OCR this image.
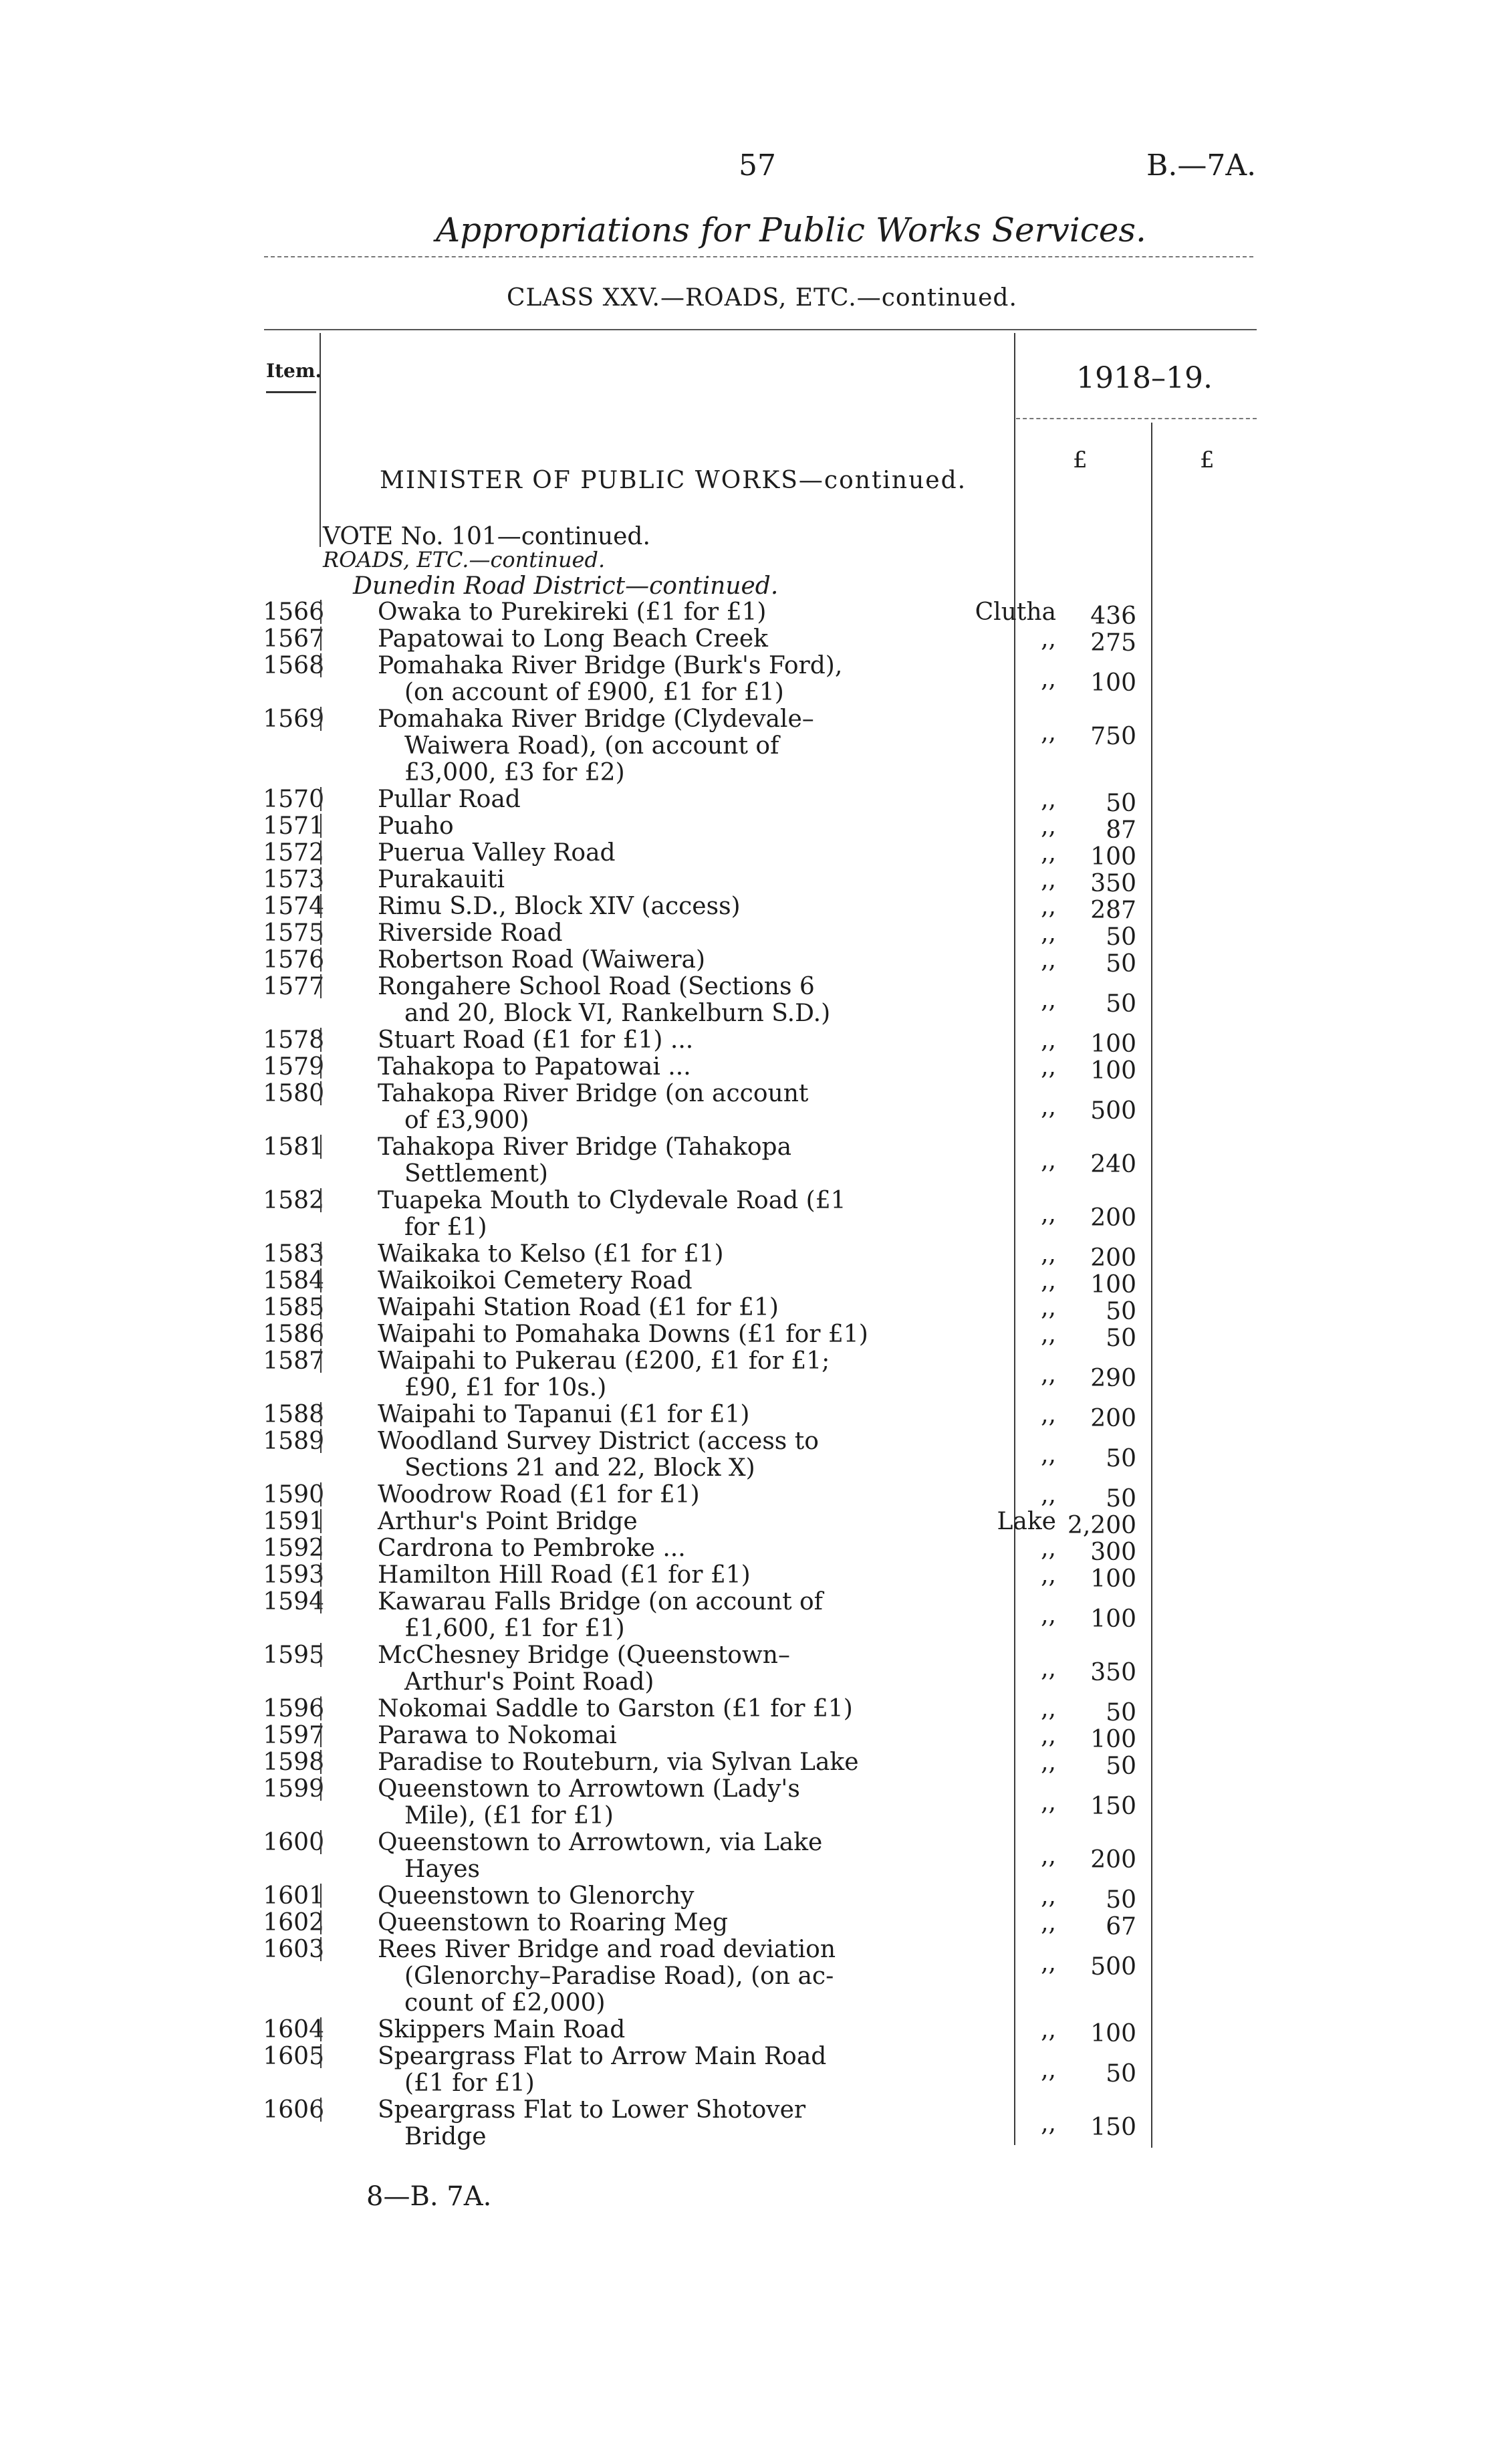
57	B.—7A.
Appropriations for Public Works Services.
CLASS XXV.—ROADS, ETC.—continued.
Item.	1918–19.
£	£
MINISTER OF PUBLIC WORKS—continued.
VOTE No. 101—continued.
ROADS, ETC.—continued.
Dunedin Road District—continued.
1566 Owaka to Purekireki (£1 for £1)	Clutha	436
1567 Papatowai to Long Beach Creek	,,	275
1568 Pomahaka River Bridge (Burk's Ford),
(on account of £900, £1 for £1)	,,	100
1569 Pomahaka River Bridge (Clydevale–
Waiwera Road), (on account of
£3,000, £3 for £2)
,,	750
1570 Pullar Road	,,	50
1571 Puaho	,,	87
1572 Puerua Valley Road	,,	100
1573 Purakauiti	,,	350
1574 Rimu S.D., Block XIV (access)	,,	287
1575 Riverside Road	,,	50
1576 Robertson Road (Waiwera)	,,	50
1577 Rongahere School Road (Sections 6
and 20, Block VI, Rankelburn S.D.)	,,	50
1578 Stuart Road (£1 for £1) ...	,,	100
1579 Tahakopa to Papatowai ...	,,	100
1580 Tahakopa River Bridge (on account
of £3,900)	,,	500
1581 Tahakopa River Bridge (Tahakopa
Settlement)	,,	240
1582 Tuapeka Mouth to Clydevale Road (£1
for £1)	,,	200
1583 Waikaka to Kelso (£1 for £1)	,,	200
1584 Waikoikoi Cemetery Road	,,	100
1585 Waipahi Station Road (£1 for £1)	,,	50
1586 Waipahi to Pomahaka Downs (£1 for £1)	,,	50
1587 Waipahi to Pukerau (£200, £1 for £1;
£90, £1 for 10s.)	,,	290
1588 Waipahi to Tapanui (£1 for £1)	,,	200
1589 Woodland Survey District (access to
Sections 21 and 22, Block X)	,,	50
1590 Woodrow Road (£1 for £1)	,,	50
1591 Arthur's Point Bridge	Lake 2,200
1592 Cardrona to Pembroke ...	,,	300
1593 Hamilton Hill Road (£1 for £1)	,,	100
1594 Kawarau Falls Bridge (on account of
£1,600, £1 for £1)	,,	100
1595 McChesney Bridge (Queenstown–
Arthur's Point Road)	,,	350
1596 Nokomai Saddle to Garston (£1 for £1)	,,	50
1597 Parawa to Nokomai	,,	100
1598 Paradise to Routeburn, via Sylvan Lake	,,	50
1599 Queenstown to Arrowtown (Lady's
Mile), (£1 for £1)	,,	150
1600 Queenstown to Arrowtown, via Lake
Hayes	,,	200
1601 Queenstown to Glenorchy	,,	50
1602 Queenstown to Roaring Meg	,,	67
1603 Rees River Bridge and road deviation
(Glenorchy–Paradise Road), (on ac-
count of £2,000)
,,	500
1604 Skippers Main Road	,,	100
1605 Speargrass Flat to Arrow Main Road
(£1 for £1)	,,	50
1606 Speargrass Flat to Lower Shotover
Bridge	,,	150
8—B. 7A.
